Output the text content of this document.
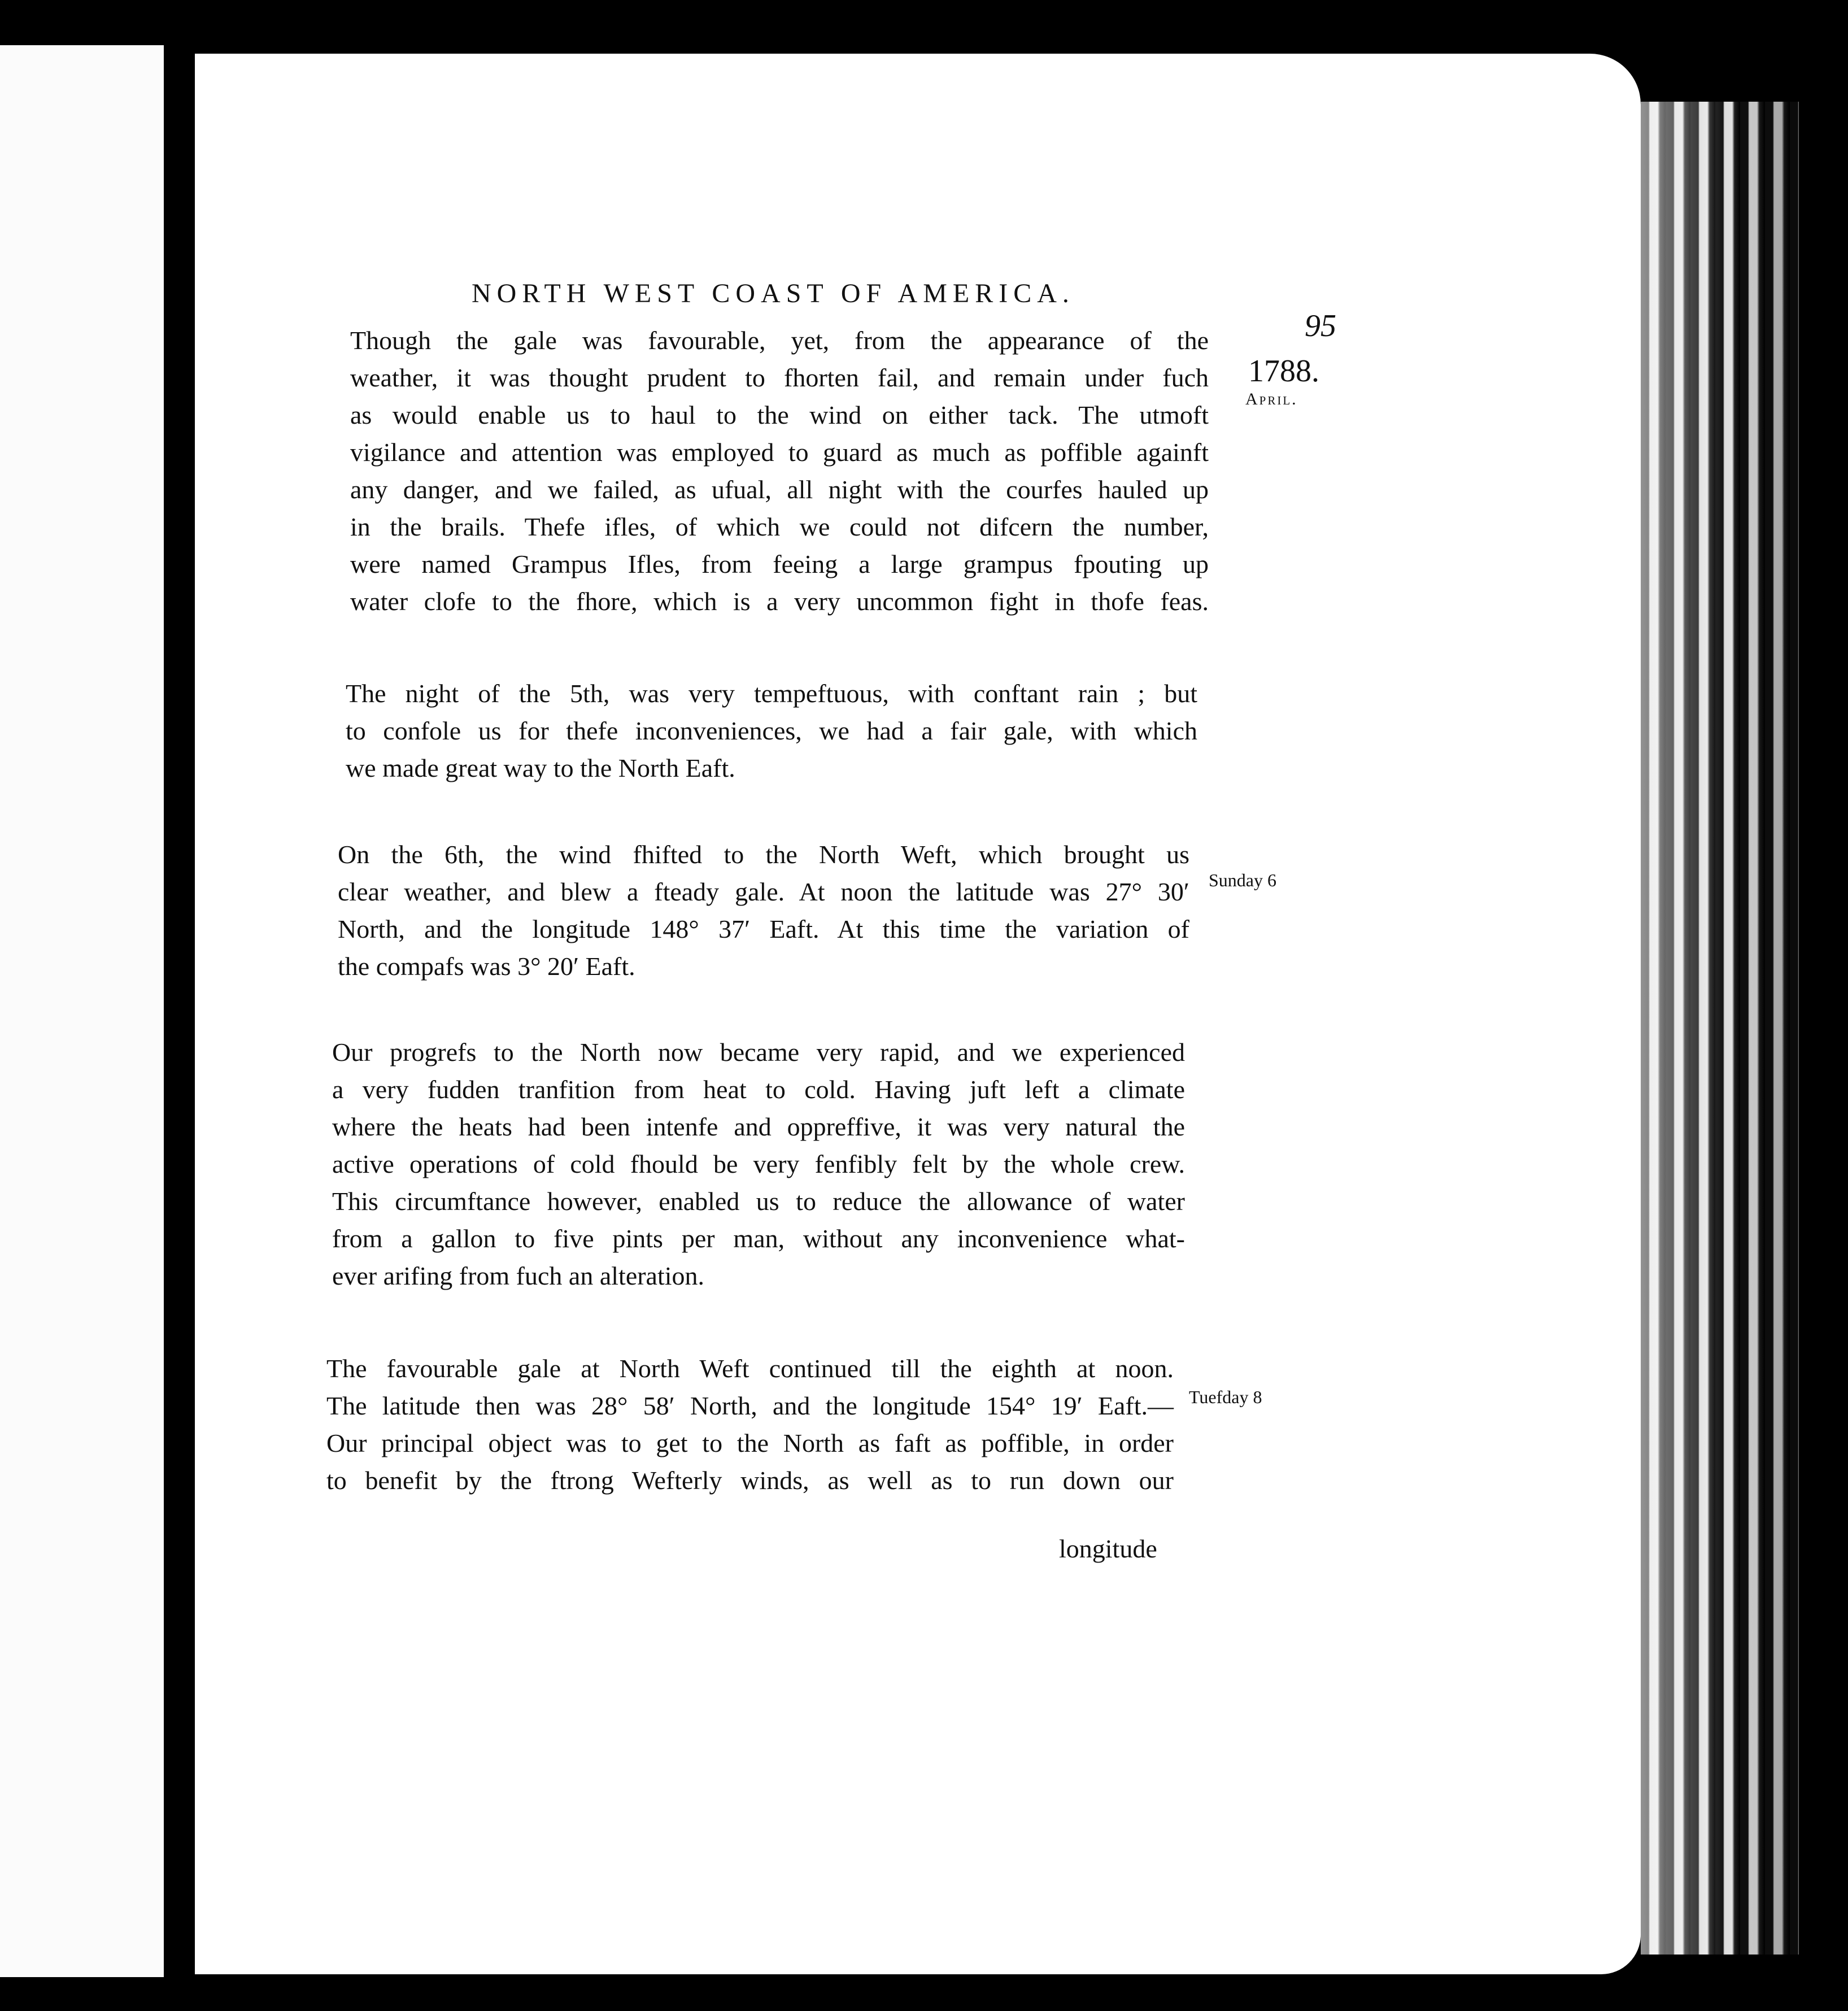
NORTH WEST COAST OF AMERICA.
95
1788.
April.
Sunday 6
Tuefday 8
Though the gale was favourable, yet, from the appearance of the
weather, it was thought prudent to fhorten fail, and remain under fuch
as would enable us to haul to the wind on either tack. The utmoft
vigilance and attention was employed to guard as much as poffible againft
any danger, and we failed, as ufual, all night with the courfes hauled up
in the brails. Thefe ifles, of which we could not difcern the number,
were named Grampus Ifles, from feeing a large grampus fpouting up
water clofe to the fhore, which is a very uncommon fight in thofe feas.
The night of the 5th, was very tempeftuous, with conftant rain ; but
to confole us for thefe inconveniences, we had a fair gale, with which
we made great way to the North Eaft.
On the 6th, the wind fhifted to the North Weft, which brought us
clear weather, and blew a fteady gale. At noon the latitude was 27° 30′
North, and the longitude 148° 37′ Eaft. At this time the variation of
the compafs was 3° 20′ Eaft.
Our progrefs to the North now became very rapid, and we experienced
a very fudden tranfition from heat to cold. Having juft left a climate
where the heats had been intenfe and oppreffive, it was very natural the
active operations of cold fhould be very fenfibly felt by the whole crew.
This circumftance however, enabled us to reduce the allowance of water
from a gallon to five pints per man, without any inconvenience what-
ever arifing from fuch an alteration.
The favourable gale at North Weft continued till the eighth at noon.
The latitude then was 28° 58′ North, and the longitude 154° 19′ Eaft.—
Our principal object was to get to the North as faft as poffible, in order
to benefit by the ftrong Wefterly winds, as well as to run down our
longitude
